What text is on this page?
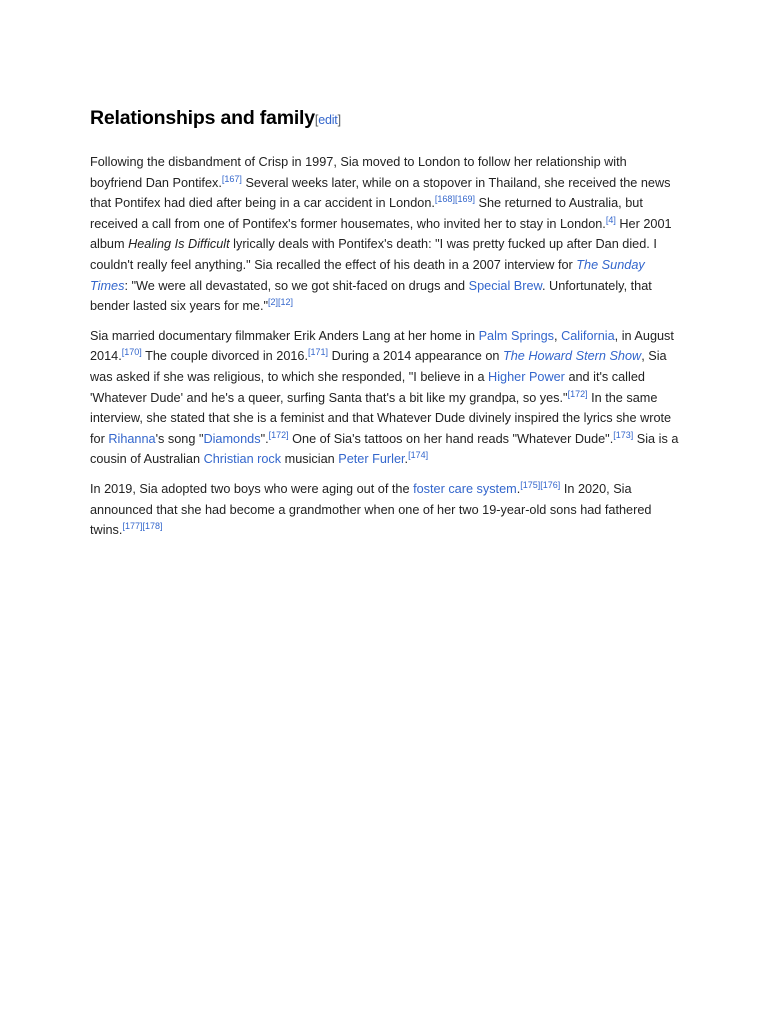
Relationships and family[edit]

Following the disbandment of Crisp in 1997, Sia moved to London to follow her relationship with boyfriend Dan Pontifex.[167] Several weeks later, while on a stopover in Thailand, she received the news that Pontifex had died after being in a car accident in London.[168][169] She returned to Australia, but received a call from one of Pontifex's former housemates, who invited her to stay in London.[4] Her 2001 album Healing Is Difficult lyrically deals with Pontifex's death: "I was pretty fucked up after Dan died. I couldn't really feel anything." Sia recalled the effect of his death in a 2007 interview for The Sunday Times: "We were all devastated, so we got shit-faced on drugs and Special Brew. Unfortunately, that bender lasted six years for me."[2][12]

Sia married documentary filmmaker Erik Anders Lang at her home in Palm Springs, California, in August 2014.[170] The couple divorced in 2016.[171] During a 2014 appearance on The Howard Stern Show, Sia was asked if she was religious, to which she responded, "I believe in a Higher Power and it's called 'Whatever Dude' and he's a queer, surfing Santa that's a bit like my grandpa, so yes."[172] In the same interview, she stated that she is a feminist and that Whatever Dude divinely inspired the lyrics she wrote for Rihanna's song "Diamonds".[172] One of Sia's tattoos on her hand reads "Whatever Dude".[173] Sia is a cousin of Australian Christian rock musician Peter Furler.[174]

In 2019, Sia adopted two boys who were aging out of the foster care system.[175][176] In 2020, Sia announced that she had become a grandmother when one of her two 19-year-old sons had fathered twins.[177][178]
